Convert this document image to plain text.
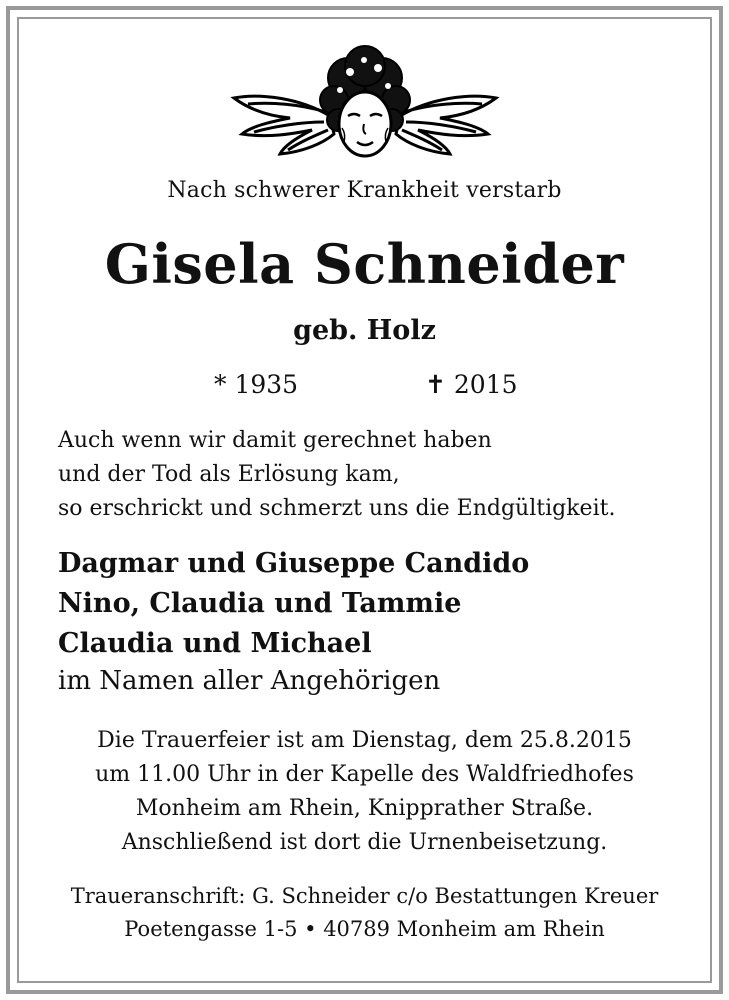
Nach schwerer Krankheit verstarb
Gisela Schneider
geb. Holz
* 1935	✝ 2015
Auch wenn wir damit gerechnet haben
und der Tod als Erlösung kam,
so erschrickt und schmerzt uns die Endgültigkeit.
Dagmar und Giuseppe Candido
Nino, Claudia und Tammie
Claudia und Michael
im Namen aller Angehörigen
Die Trauerfeier ist am Dienstag, dem 25.8.2015
um 11.00 Uhr in der Kapelle des Waldfriedhofes
Monheim am Rhein, Knipprather Straße.
Anschließend ist dort die Urnenbeisetzung.
Traueranschrift: G. Schneider c/o Bestattungen Kreuer
Poetengasse 1-5 • 40789 Monheim am Rhein
